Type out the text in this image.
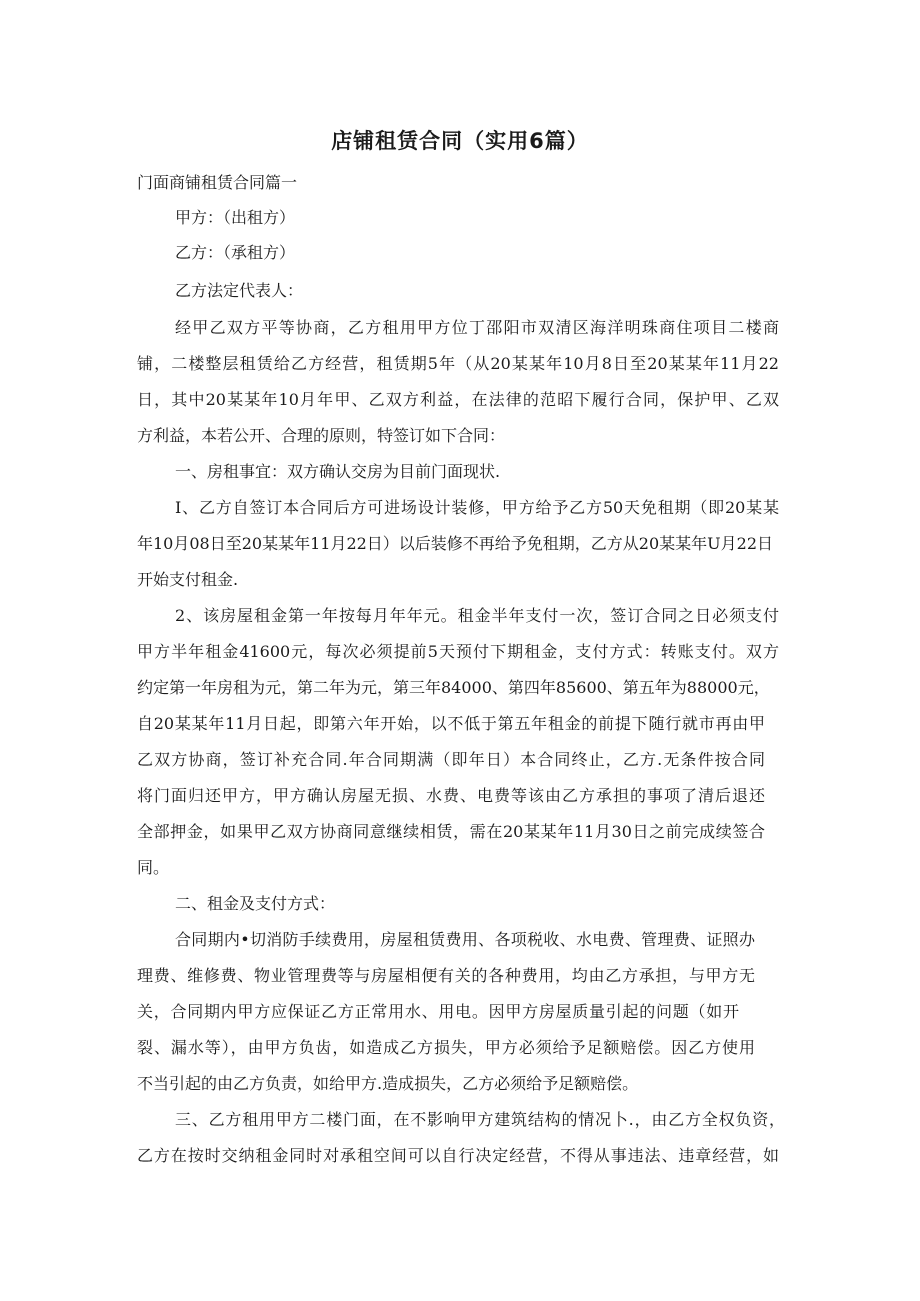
店铺租赁合同（实用6篇）

门面商铺租赁合同篇一

甲方：（出租方）

乙方：（承租方）

乙方法定代表人：

经甲乙双方平等协商，乙方租用甲方位丁邵阳市双清区海洋明珠商住项目二楼商

铺，二楼整层租赁给乙方经营，租赁期5年（从20某某年10月8日至20某某年11月22

日，其中20某某年10月年甲、乙双方利益，在法律的范昭下履行合同，保护甲、乙双

方利益，本若公开、合理的原则，特签订如下合同：

一、房租事宜：双方确认交房为目前门面现状.

I、乙方自签订本合同后方可进场设计装修，甲方给予乙方50天免租期（即20某某

年10月08日至20某某年11月22日）以后装修不再给予免租期，乙方从20某某年U月22日

开始支付租金.

2、该房屋租金第一年按每月年年元。租金半年支付一次，签订合同之日必须支付

甲方半年租金41600元，每次必须提前5天预付下期租金，支付方式：转账支付。双方

约定第一年房租为元，第二年为元，第三年84000、第四年85600、第五年为88000元，

自20某某年11月日起，即第六年开始，以不低于第五年租金的前提下随行就市再由甲

乙双方协商，签订补充合同.年合同期满（即年日）本合同终止，乙方.无条件按合同

将门面归还甲方，甲方确认房屋无损、水费、电费等该由乙方承担的事项了清后退还

全部押金，如果甲乙双方协商同意继续相赁，需在20某某年11月30日之前完成续签合

同。

二、租金及支付方式：

合同期内•切消防手续费用，房屋租赁费用、各项税收、水电费、管理费、证照办

理费、维修费、物业管理费等与房屋相便有关的各种费用，均由乙方承担，与甲方无

关，合同期内甲方应保证乙方正常用水、用电。因甲方房屋质量引起的问题（如开

裂、漏水等），由甲方负齿，如造成乙方损失，甲方必须给予足额赔偿。因乙方使用

不当引起的由乙方负责，如给甲方.造成损失，乙方必须给予足额赔偿。

三、乙方租用甲方二楼门面，在不影响甲方建筑结构的情况卜.，由乙方全权负资，

乙方在按时交纳租金同时对承租空间可以自行决定经营，不得从事违法、违章经营，如
